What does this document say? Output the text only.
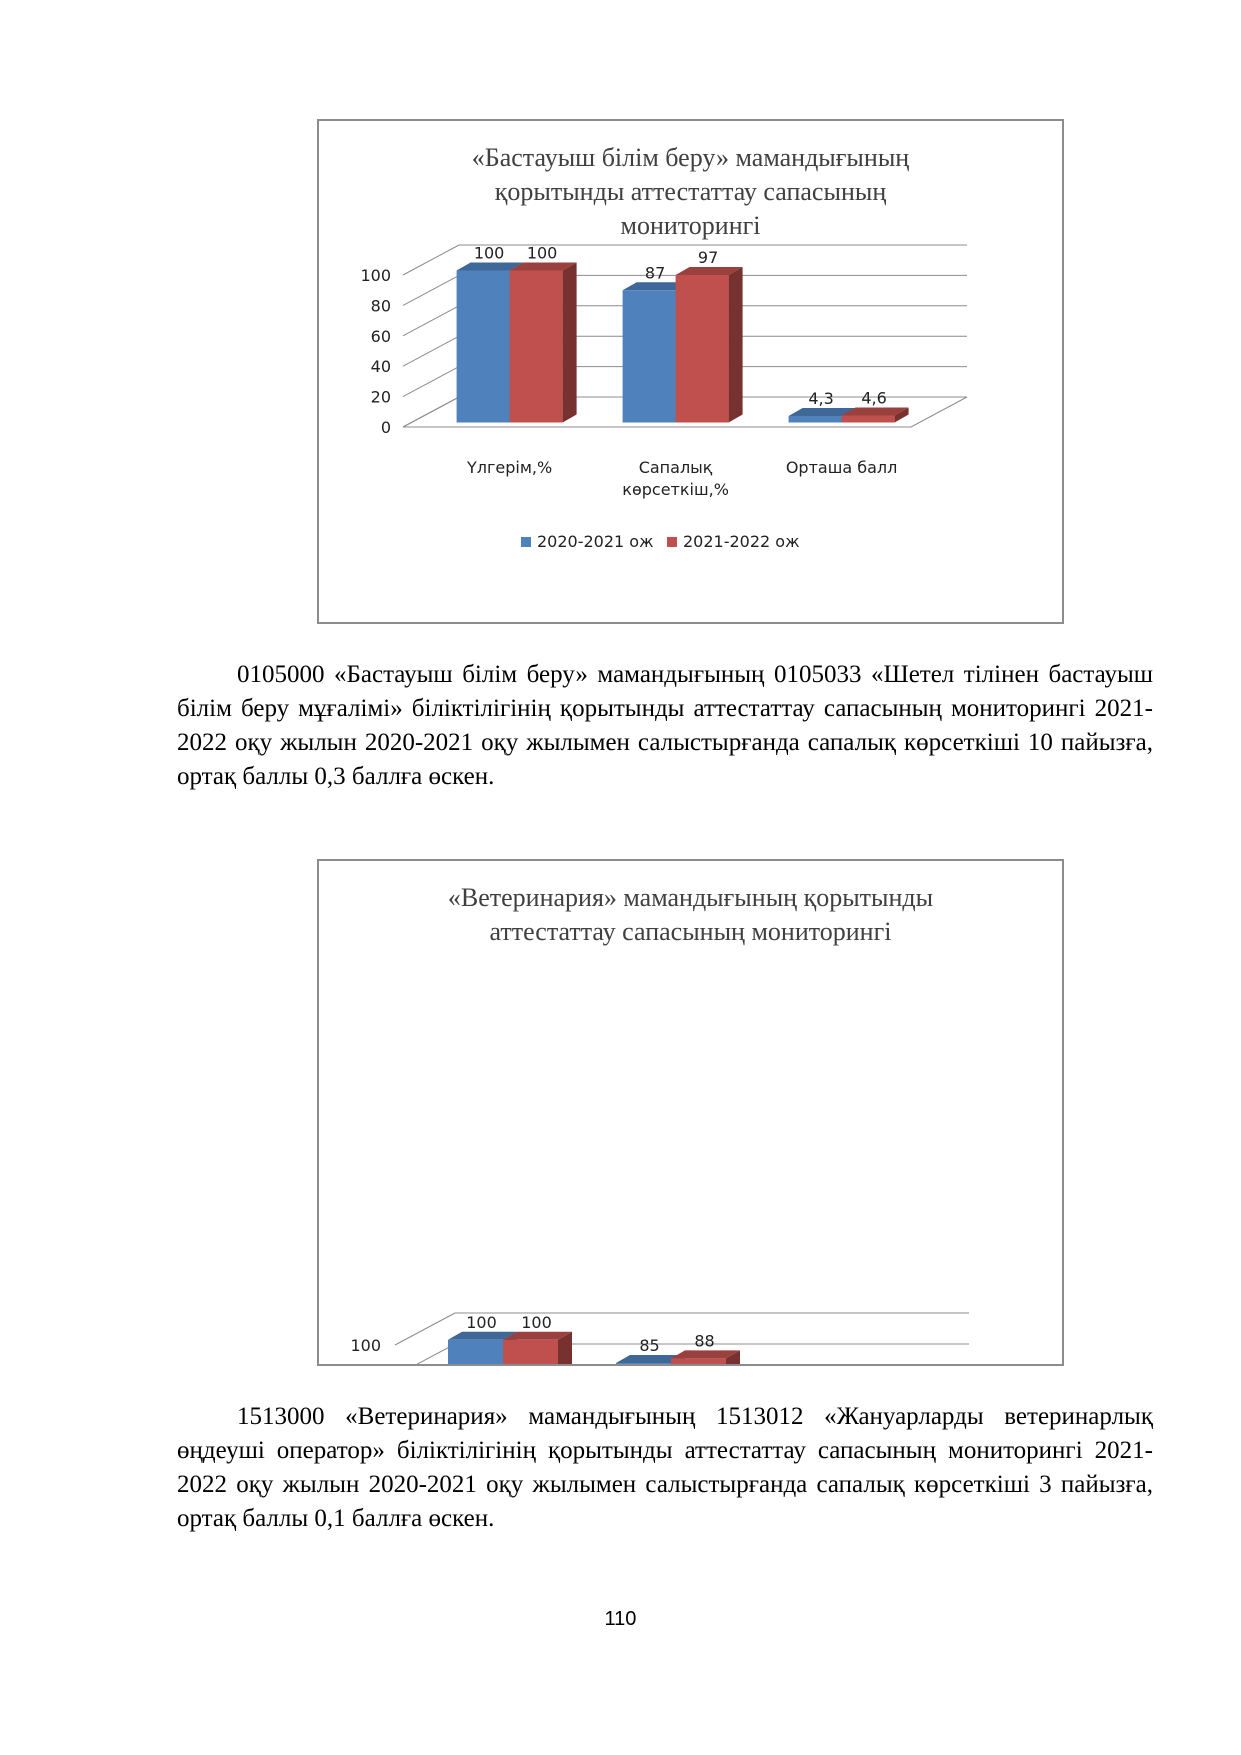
«Бастауыш білім беру» мамандығының
қорытынды аттестаттау сапасының
мониторингі
0
20
40
60
80
100
100 100
Үлгерім,%
87
97
Сапалық
көрсеткіш,%
4,3 4,6
Орташа балл
2020-2021 ож 2021-2022 ож

0105000 «Бастауыш білім беру» мамандығының 0105033 «Шетел тілінен бастауыш білім беру мұғалімі» біліктілігінің қорытынды аттестаттау сапасының мониторингі 2021-2022 оқу жылын 2020-2021 оқу жылымен салыстырғанда сапалық көрсеткіші 10 пайызға, ортақ баллы 0,3 баллға өскен.

«Ветеринария» мамандығының қорытынды
аттестаттау сапасының мониторингі
100
100 100
85 88

1513000 «Ветеринария» мамандығының 1513012 «Жануарларды ветеринарлық өңдеуші оператор» біліктілігінің қорытынды аттестаттау сапасының мониторингі 2021-2022 оқу жылын 2020-2021 оқу жылымен салыстырғанда сапалық көрсеткіші 3 пайызға, ортақ баллы 0,1 баллға өскен.

110
